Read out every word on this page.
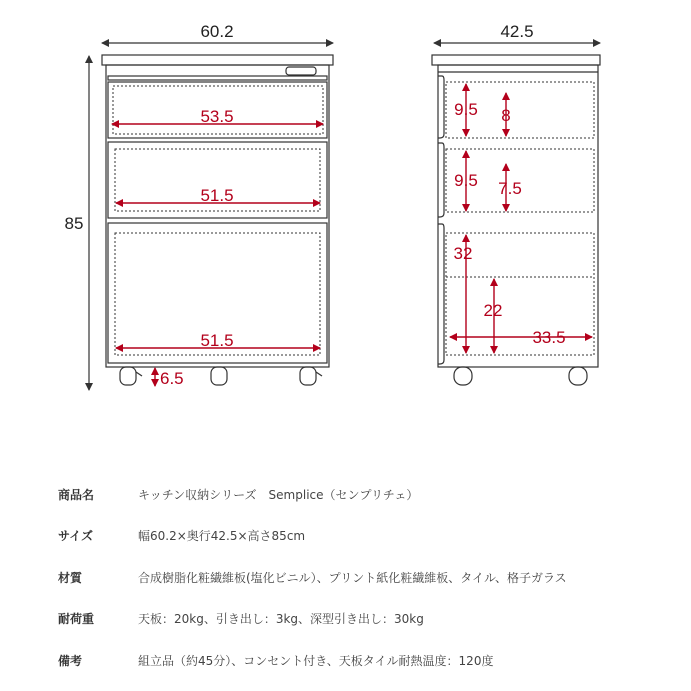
60.2
85
53.5
51.5
51.5
6.5
42.5
9.5 8
9.5 7.5
32
22
33.5
商品名	キッチン収納シリーズ　Semplice（センプリチェ）
サイズ	幅60.2×奥行42.5×高さ85cm
材質	合成樹脂化粧繊維板(塩化ビニル）、プリント紙化粧繊維板、タイル、格子ガラス
耐荷重	天板：20kg、引き出し：3kg、深型引き出し：30kg
備考	組立品（約45分）、コンセント付き、天板タイル耐熱温度：120度
